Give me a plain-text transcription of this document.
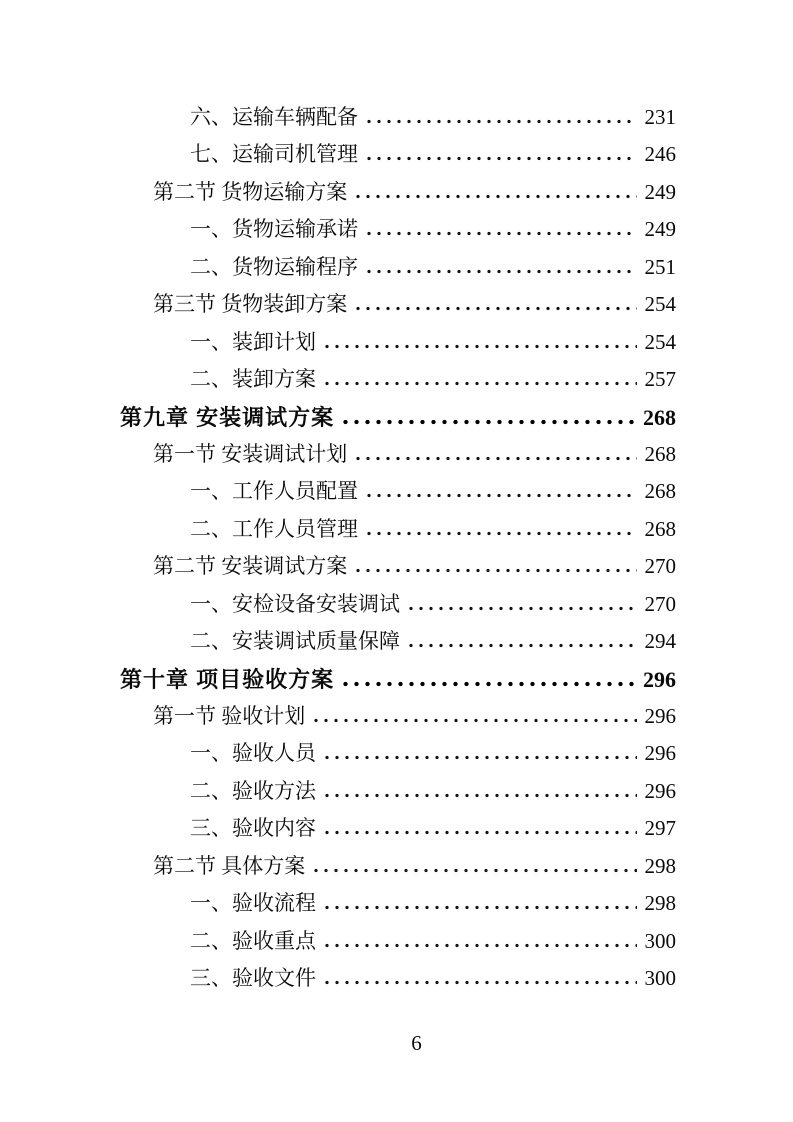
六、运输车辆配备	231
七、运输司机管理	246
第二节 货物运输方案	249
一、货物运输承诺	249
二、货物运输程序	251
第三节 货物装卸方案	254
一、装卸计划	254
二、装卸方案	257
第九章 安装调试方案	268
第一节 安装调试计划	268
一、工作人员配置	268
二、工作人员管理	268
第二节 安装调试方案	270
一、安检设备安装调试	270
二、安装调试质量保障	294
第十章 项目验收方案	296
第一节 验收计划	296
一、验收人员	296
二、验收方法	296
三、验收内容	297
第二节 具体方案	298
一、验收流程	298
二、验收重点	300
三、验收文件	300
6
